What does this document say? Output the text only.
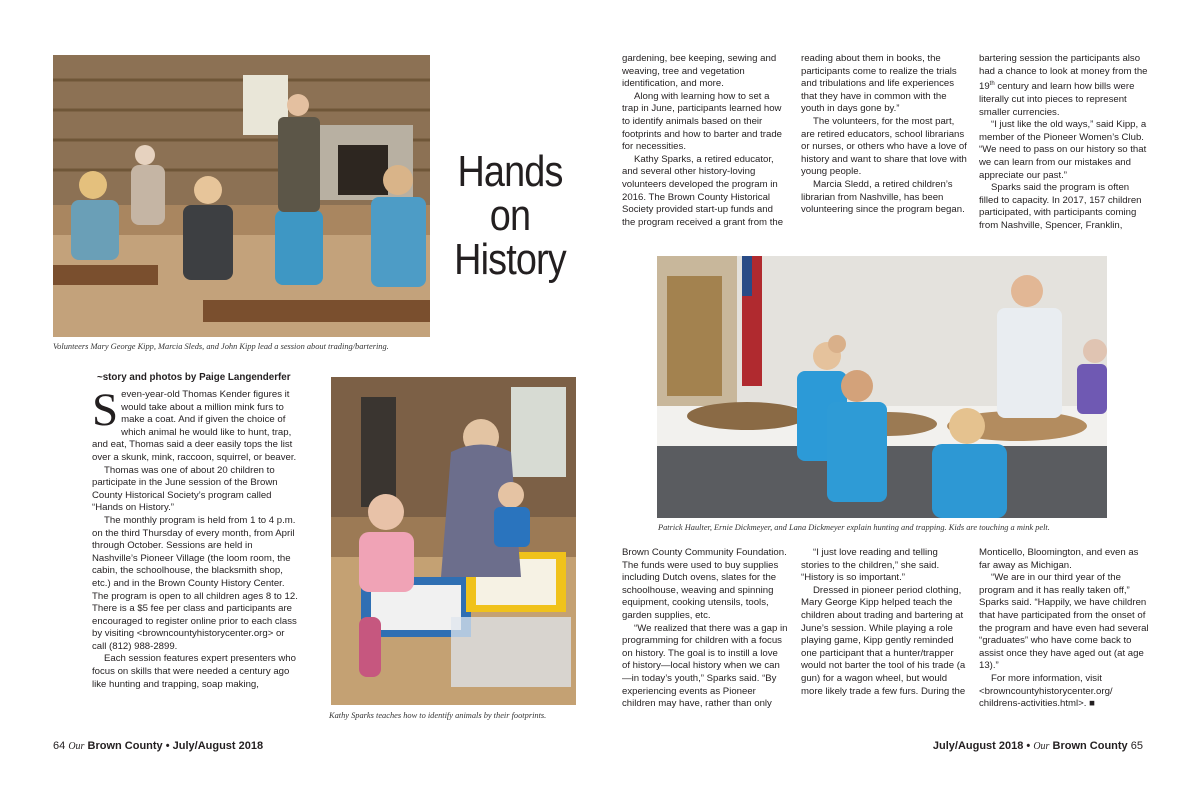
Volunteers Mary George Kipp, Marcia Sleds, and John Kipp lead a session about trading/bartering.
Hands
on
History
~story and photos by Paige Langenderfer

Seven-year-old Thomas Kender figures it would take about a million mink furs to make a coat. And if given the choice of which animal he would like to hunt, trap, and eat, Thomas said a deer easily tops the list over a skunk, mink, raccoon, squirrel, or beaver.

Thomas was one of about 20 children to participate in the June session of the Brown County Historical Society’s program called “Hands on History.”

The monthly program is held from 1 to 4 p.m. on the third Thursday of every month, from April through October. Sessions are held in Nashville’s Pioneer Village (the loom room, the cabin, the schoolhouse, the blacksmith shop, etc.) and in the Brown County History Center. The program is open to all children ages 8 to 12. There is a $5 fee per class and participants are encouraged to register online prior to each class by visiting <browncountyhistorycenter.org> or call (812) 988-2899.

Each session features expert presenters who focus on skills that were needed a century ago like hunting and trapping, soap making,

Kathy Sparks teaches how to identify animals by their footprints.

gardening, bee keeping, sewing and weaving, tree and vegetation identification, and more.

Along with learning how to set a trap in June, participants learned how to identify animals based on their footprints and how to barter and trade for necessities.

Kathy Sparks, a retired educator, and several other history-loving volunteers developed the program in 2016. The Brown County Historical Society provided start-up funds and the program received a grant from the

reading about them in books, the participants come to realize the trials and tribulations and life experiences that they have in common with the youth in days gone by.”

The volunteers, for the most part, are retired educators, school librarians or nurses, or others who have a love of history and want to share that love with young people.

Marcia Sledd, a retired children’s librarian from Nashville, has been volunteering since the program began.

bartering session the participants also had a chance to look at money from the 19th century and learn how bills were literally cut into pieces to represent smaller currencies.

“I just like the old ways,” said Kipp, a member of the Pioneer Women’s Club. “We need to pass on our history so that we can learn from our mistakes and appreciate our past.”

Sparks said the program is often filled to capacity. In 2017, 157 children participated, with participants coming from Nashville, Spencer, Franklin,

Patrick Haulter, Ernie Dickmeyer, and Lana Dickmeyer explain hunting and trapping. Kids are touching a mink pelt.

Brown County Community Foundation. The funds were used to buy supplies including Dutch ovens, slates for the schoolhouse, weaving and spinning equipment, cooking utensils, tools, garden supplies, etc.

“We realized that there was a gap in programming for children with a focus on history. The goal is to instill a love of history—local history when we can—in today’s youth,” Sparks said. “By experiencing events as Pioneer children may have, rather than only

“I just love reading and telling stories to the children,” she said. “History is so important.”

Dressed in pioneer period clothing, Mary George Kipp helped teach the children about trading and bartering at June’s session. While playing a role playing game, Kipp gently reminded one participant that a hunter/trapper would not barter the tool of his trade (a gun) for a wagon wheel, but would more likely trade a few furs. During the

Monticello, Bloomington, and even as far away as Michigan.

“We are in our third year of the program and it has really taken off,” Sparks said. “Happily, we have children that have participated from the onset of the program and have even had several “graduates” who have come back to assist once they have aged out (at age 13).”

For more information, visit <browncountyhistorycenter.org/ childrens-activities.html>. ■

64 Our Brown County • July/August 2018	July/August 2018 • Our Brown County 65
